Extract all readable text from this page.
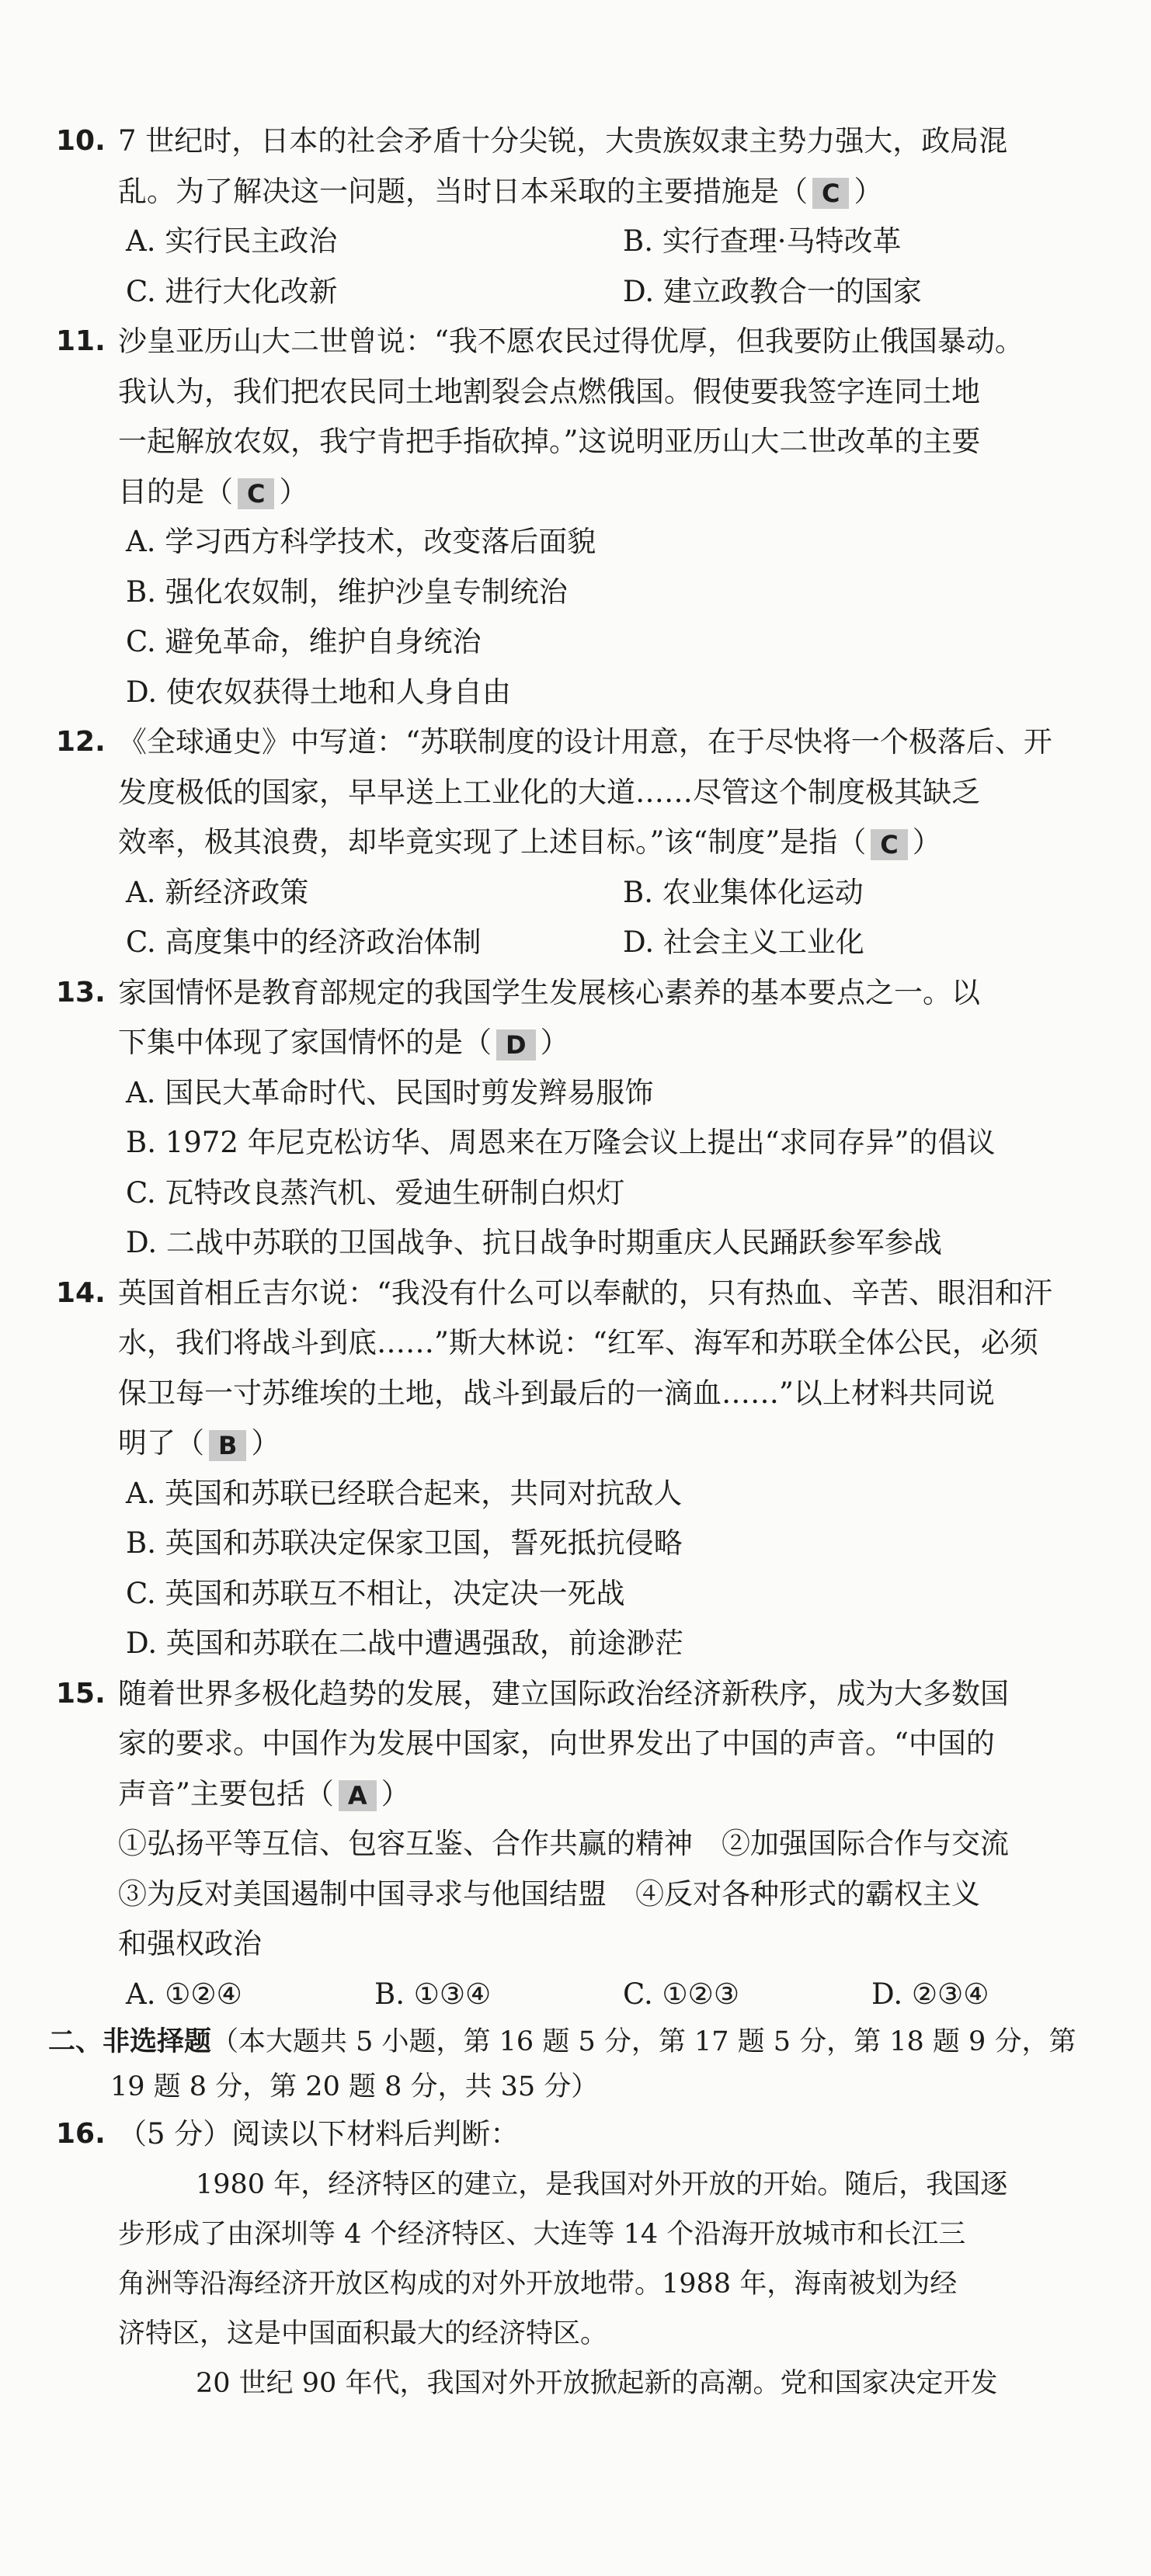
10. 7 世纪时，日本的社会矛盾十分尖锐，大贵族奴隶主势力强大，政局混
乱。为了解决这一问题，当时日本采取的主要措施是（ C ）
A. 实行民主政治	B. 实行查理·马特改革
C. 进行大化改新	D. 建立政教合一的国家
11. 沙皇亚历山大二世曾说：“我不愿农民过得优厚，但我要防止俄国暴动。
我认为，我们把农民同土地割裂会点燃俄国。假使要我签字连同土地
一起解放农奴，我宁肯把手指砍掉。”这说明亚历山大二世改革的主要
目的是（ C ）
A. 学习西方科学技术，改变落后面貌
B. 强化农奴制，维护沙皇专制统治
C. 避免革命，维护自身统治
D. 使农奴获得土地和人身自由
12. 《全球通史》中写道：“苏联制度的设计用意，在于尽快将一个极落后、开
发度极低的国家，早早送上工业化的大道……尽管这个制度极其缺乏
效率，极其浪费，却毕竟实现了上述目标。”该“制度”是指（ C ）
A. 新经济政策	B. 农业集体化运动
C. 高度集中的经济政治体制	D. 社会主义工业化
13. 家国情怀是教育部规定的我国学生发展核心素养的基本要点之一。以
下集中体现了家国情怀的是（ D ）
A. 国民大革命时代、民国时剪发辫易服饰
B. 1972 年尼克松访华、周恩来在万隆会议上提出“求同存异”的倡议
C. 瓦特改良蒸汽机、爱迪生研制白炽灯
D. 二战中苏联的卫国战争、抗日战争时期重庆人民踊跃参军参战
14. 英国首相丘吉尔说：“我没有什么可以奉献的，只有热血、辛苦、眼泪和汗
水，我们将战斗到底……”斯大林说：“红军、海军和苏联全体公民，必须
保卫每一寸苏维埃的土地，战斗到最后的一滴血……”以上材料共同说
明了（ B ）
A. 英国和苏联已经联合起来，共同对抗敌人
B. 英国和苏联决定保家卫国，誓死抵抗侵略
C. 英国和苏联互不相让，决定决一死战
D. 英国和苏联在二战中遭遇强敌，前途渺茫
15. 随着世界多极化趋势的发展，建立国际政治经济新秩序，成为大多数国
家的要求。中国作为发展中国家，向世界发出了中国的声音。“中国的
声音”主要包括（ A ）
①弘扬平等互信、包容互鉴、合作共赢的精神　②加强国际合作与交流
③为反对美国遏制中国寻求与他国结盟　④反对各种形式的霸权主义
和强权政治
A. ①②④	B. ①③④	C. ①②③	D. ②③④
二、非选择题（本大题共 5 小题，第 16 题 5 分，第 17 题 5 分，第 18 题 9 分，第
19 题 8 分，第 20 题 8 分，共 35 分）
16. （5 分）阅读以下材料后判断：
1980 年，经济特区的建立，是我国对外开放的开始。随后，我国逐
步形成了由深圳等 4 个经济特区、大连等 14 个沿海开放城市和长江三
角洲等沿海经济开放区构成的对外开放地带。1988 年，海南被划为经
济特区，这是中国面积最大的经济特区。
20 世纪 90 年代，我国对外开放掀起新的高潮。党和国家决定开发
